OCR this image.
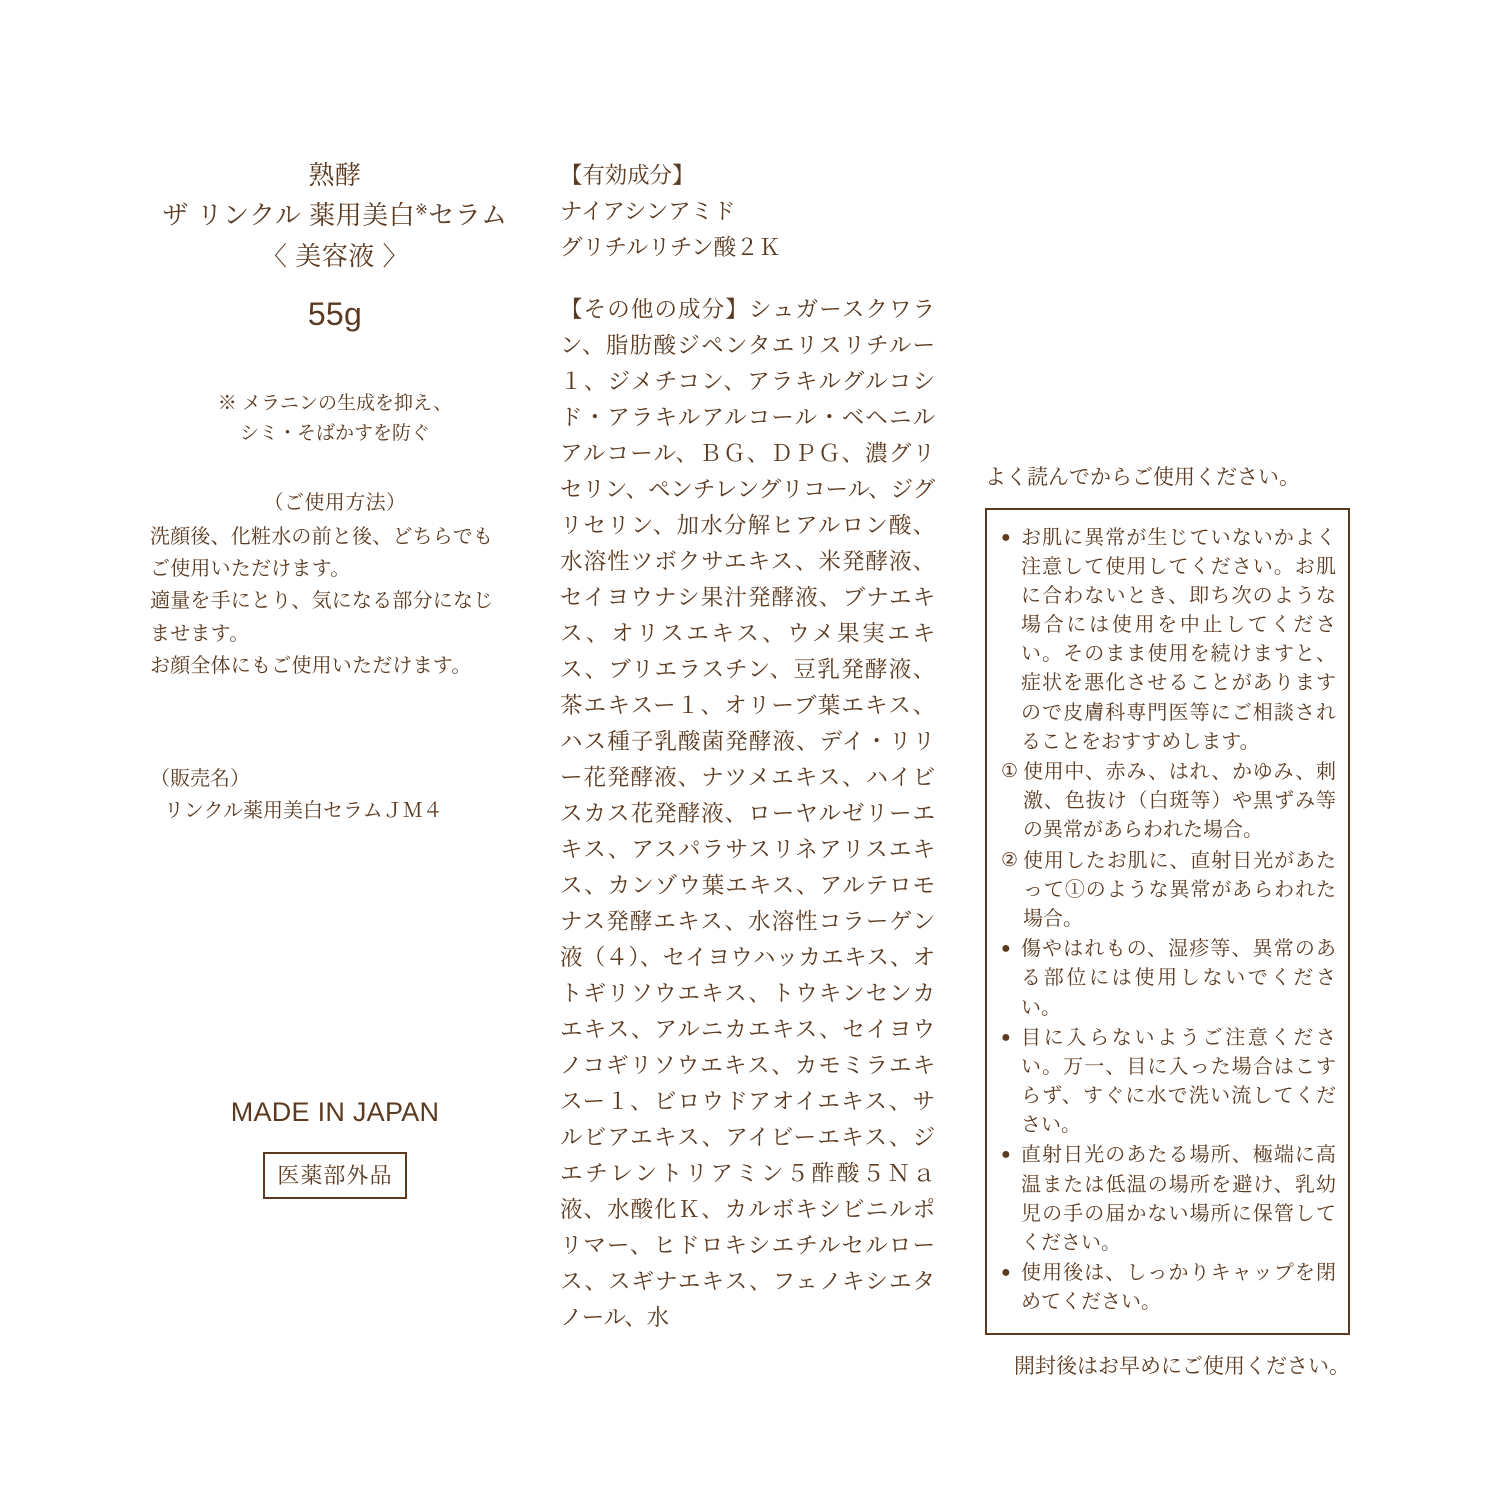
熟酵
ザ リンクル 薬用美白※セラム
〈 美容液 〉
55g
※ メラニンの生成を抑え、
シミ・そばかすを防ぐ
（ご使用方法）
洗顔後、化粧水の前と後、どちらでも
ご使用いただけます。
適量を手にとり、気になる部分になじ
ませます。
お顔全体にもご使用いただけます。
（販売名）
リンクル薬用美白セラムＪＭ４
MADE IN JAPAN
医薬部外品
【有効成分】
ナイアシンアミド
グリチルリチン酸２Ｋ
【その他の成分】シュガースクワラン、脂肪酸ジペンタエリスリチルー１、ジメチコン、アラキルグルコシド・アラキルアルコール・ベヘニルアルコール、ＢＧ、ＤＰＧ、濃グリセリン、ペンチレングリコール、ジグリセリン、加水分解ヒアルロン酸、水溶性ツボクサエキス、米発酵液、セイヨウナシ果汁発酵液、ブナエキス、オリスエキス、ウメ果実エキス、ブリエラスチン、豆乳発酵液、茶エキスー１、オリーブ葉エキス、ハス種子乳酸菌発酵液、デイ・リリー花発酵液、ナツメエキス、ハイビスカス花発酵液、ローヤルゼリーエキス、アスパラサスリネアリスエキス、カンゾウ葉エキス、アルテロモナス発酵エキス、水溶性コラーゲン液（４）、セイヨウハッカエキス、オトギリソウエキス、トウキンセンカエキス、アルニカエキス、セイヨウノコギリソウエキス、カモミラエキスー１、ビロウドアオイエキス、サルビアエキス、アイビーエキス、ジエチレントリアミン５酢酸５Ｎａ液、水酸化Ｋ、カルボキシビニルポリマー、ヒドロキシエチルセルロース、スギナエキス、フェノキシエタノール、水
よく読んでからご使用ください。
● お肌に異常が生じていないかよく注意して使用してください。お肌に合わないとき、即ち次のような場合には使用を中止してください。そのまま使用を続けますと、症状を悪化させることがありますので皮膚科専門医等にご相談されることをおすすめします。
① 使用中、赤み、はれ、かゆみ、刺激、色抜け（白斑等）や黒ずみ等の異常があらわれた場合。
② 使用したお肌に、直射日光があたって①のような異常があらわれた場合。
● 傷やはれもの、湿疹等、異常のある部位には使用しないでください。
● 目に入らないようご注意ください。万一、目に入った場合はこすらず、すぐに水で洗い流してください。
● 直射日光のあたる場所、極端に高温または低温の場所を避け、乳幼児の手の届かない場所に保管してください。
● 使用後は、しっかりキャップを閉めてください。
開封後はお早めにご使用ください。
